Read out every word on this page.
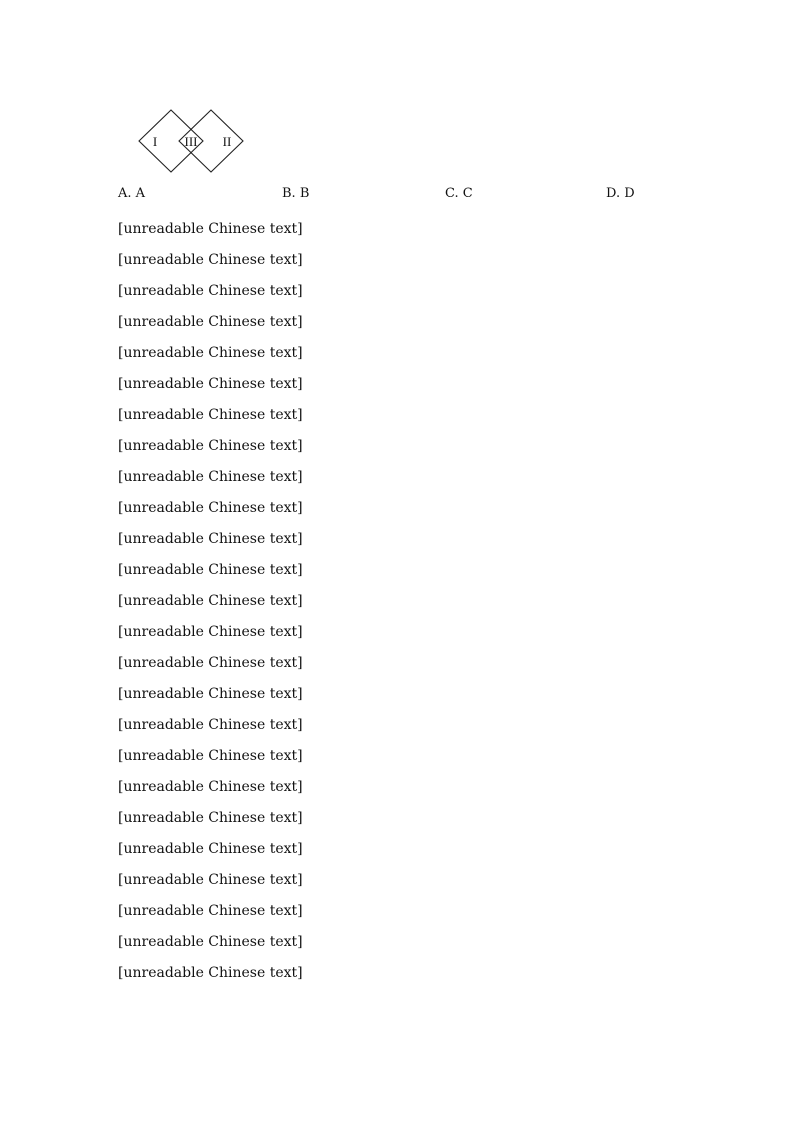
I III II
A. A	B. B	C. C	D. D
[unreadable Chinese text]
[unreadable Chinese text]
[unreadable Chinese text]
[unreadable Chinese text]
[unreadable Chinese text]
[unreadable Chinese text]
[unreadable Chinese text]
[unreadable Chinese text]
[unreadable Chinese text]
[unreadable Chinese text]
[unreadable Chinese text]
[unreadable Chinese text]
[unreadable Chinese text]
[unreadable Chinese text]
[unreadable Chinese text]
[unreadable Chinese text]
[unreadable Chinese text]
[unreadable Chinese text]
[unreadable Chinese text]
[unreadable Chinese text]
[unreadable Chinese text]
[unreadable Chinese text]
[unreadable Chinese text]
[unreadable Chinese text]
[unreadable Chinese text]
